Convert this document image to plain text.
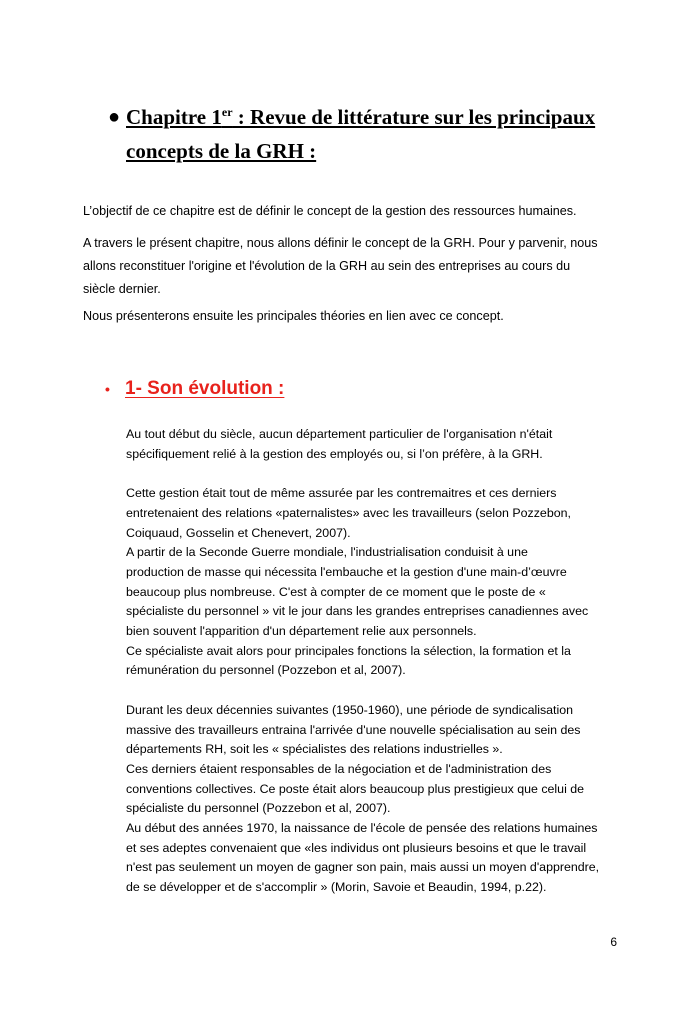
● Chapitre 1er : Revue de littérature sur les principaux
concepts de la GRH :

L’objectif de ce chapitre est de définir le concept de la gestion des ressources humaines.

A travers le présent chapitre, nous allons définir le concept de la GRH. Pour y parvenir, nous
allons reconstituer l'origine et l'évolution de la GRH au sein des entreprises au cours du
siècle dernier.

Nous présenterons ensuite les principales théories en lien avec ce concept.

• 1- Son évolution :
Au tout début du siècle, aucun département particulier de l'organisation n'était
spécifiquement relié à la gestion des employés ou, si l’on préfère, à la GRH.
Cette gestion était tout de même assurée par les contremaitres et ces derniers
entretenaient des relations «paternalistes» avec les travailleurs (selon Pozzebon,
Coiquaud, Gosselin et Chenevert, 2007).
A partir de la Seconde Guerre mondiale, l'industrialisation conduisit à une
production de masse qui nécessita l'embauche et la gestion d'une main-d’œuvre
beaucoup plus nombreuse. C'est à compter de ce moment que le poste de «
spécialiste du personnel » vit le jour dans les grandes entreprises canadiennes avec
bien souvent l'apparition d'un département relie aux personnels.
Ce spécialiste avait alors pour principales fonctions la sélection, la formation et la
rémunération du personnel (Pozzebon et al, 2007).
Durant les deux décennies suivantes (1950-1960), une période de syndicalisation
massive des travailleurs entraina l'arrivée d'une nouvelle spécialisation au sein des
départements RH, soit les « spécialistes des relations industrielles ».
Ces derniers étaient responsables de la négociation et de l'administration des
conventions collectives. Ce poste était alors beaucoup plus prestigieux que celui de
spécialiste du personnel (Pozzebon et al, 2007).
Au début des années 1970, la naissance de l'école de pensée des relations humaines
et ses adeptes convenaient que «les individus ont plusieurs besoins et que le travail
n'est pas seulement un moyen de gagner son pain, mais aussi un moyen d'apprendre,
de se développer et de s'accomplir » (Morin, Savoie et Beaudin, 1994, p.22).
6
